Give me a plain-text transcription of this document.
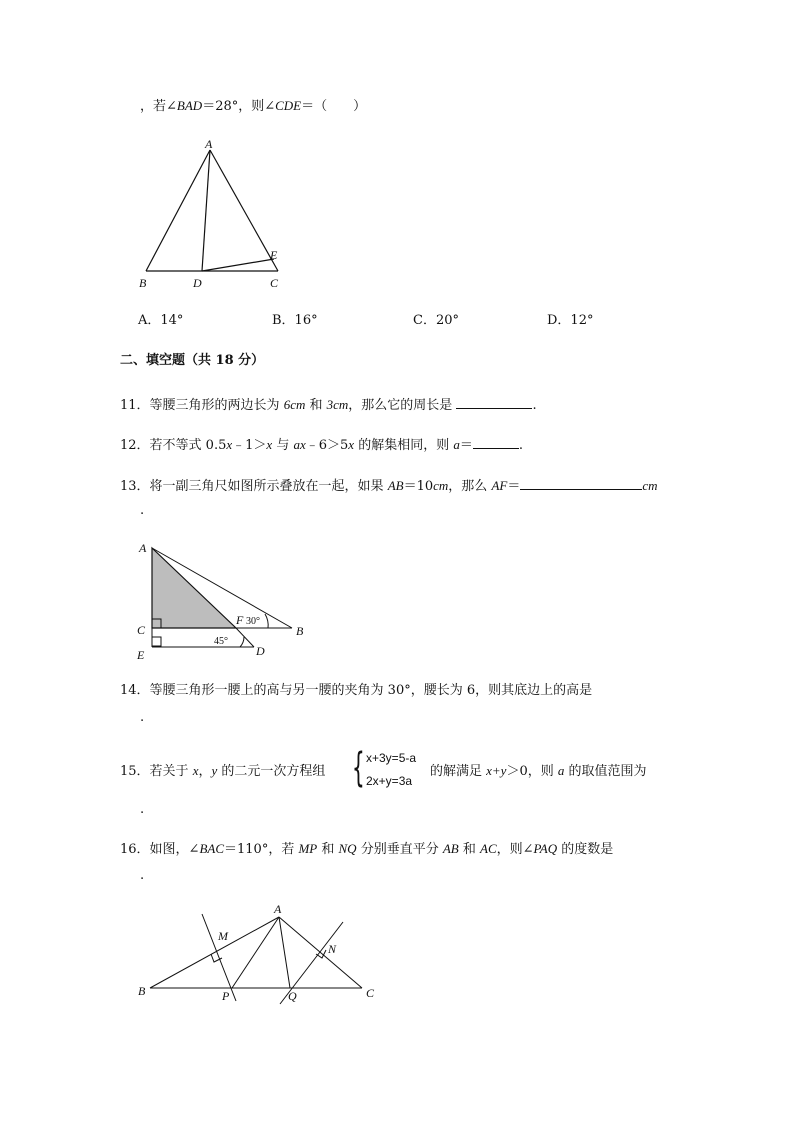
，若∠BAD＝28°，则∠CDE＝（　　）
A
B	D	C
E
A．14°	B．16°	C．20°	D．12°
二、填空题（共 18 分）
11．等腰三角形的两边长为 6cm 和 3cm，那么它的周长是	.
12．若不等式 0.5x﹣1＞x 与 ax﹣6＞5x 的解集相同，则 a＝	.
13．将一副三角尺如图所示叠放在一起，如果 AB＝10cm，那么 AF＝	cm
.
A
C
E
F
B
D
30°
45°
14．等腰三角形一腰上的高与另一腰的夹角为 30°，腰长为 6，则其底边上的高是
.
15．若关于 x，y 的二元一次方程组 { x+3y=5-a
2x+y=3a
的解满足 x+y＞0，则 a 的取值范围为
.
16．如图，∠BAC＝110°，若 MP 和 NQ 分别垂直平分 AB 和 AC，则∠PAQ 的度数是
.
A
M
N
B	P	Q	C
